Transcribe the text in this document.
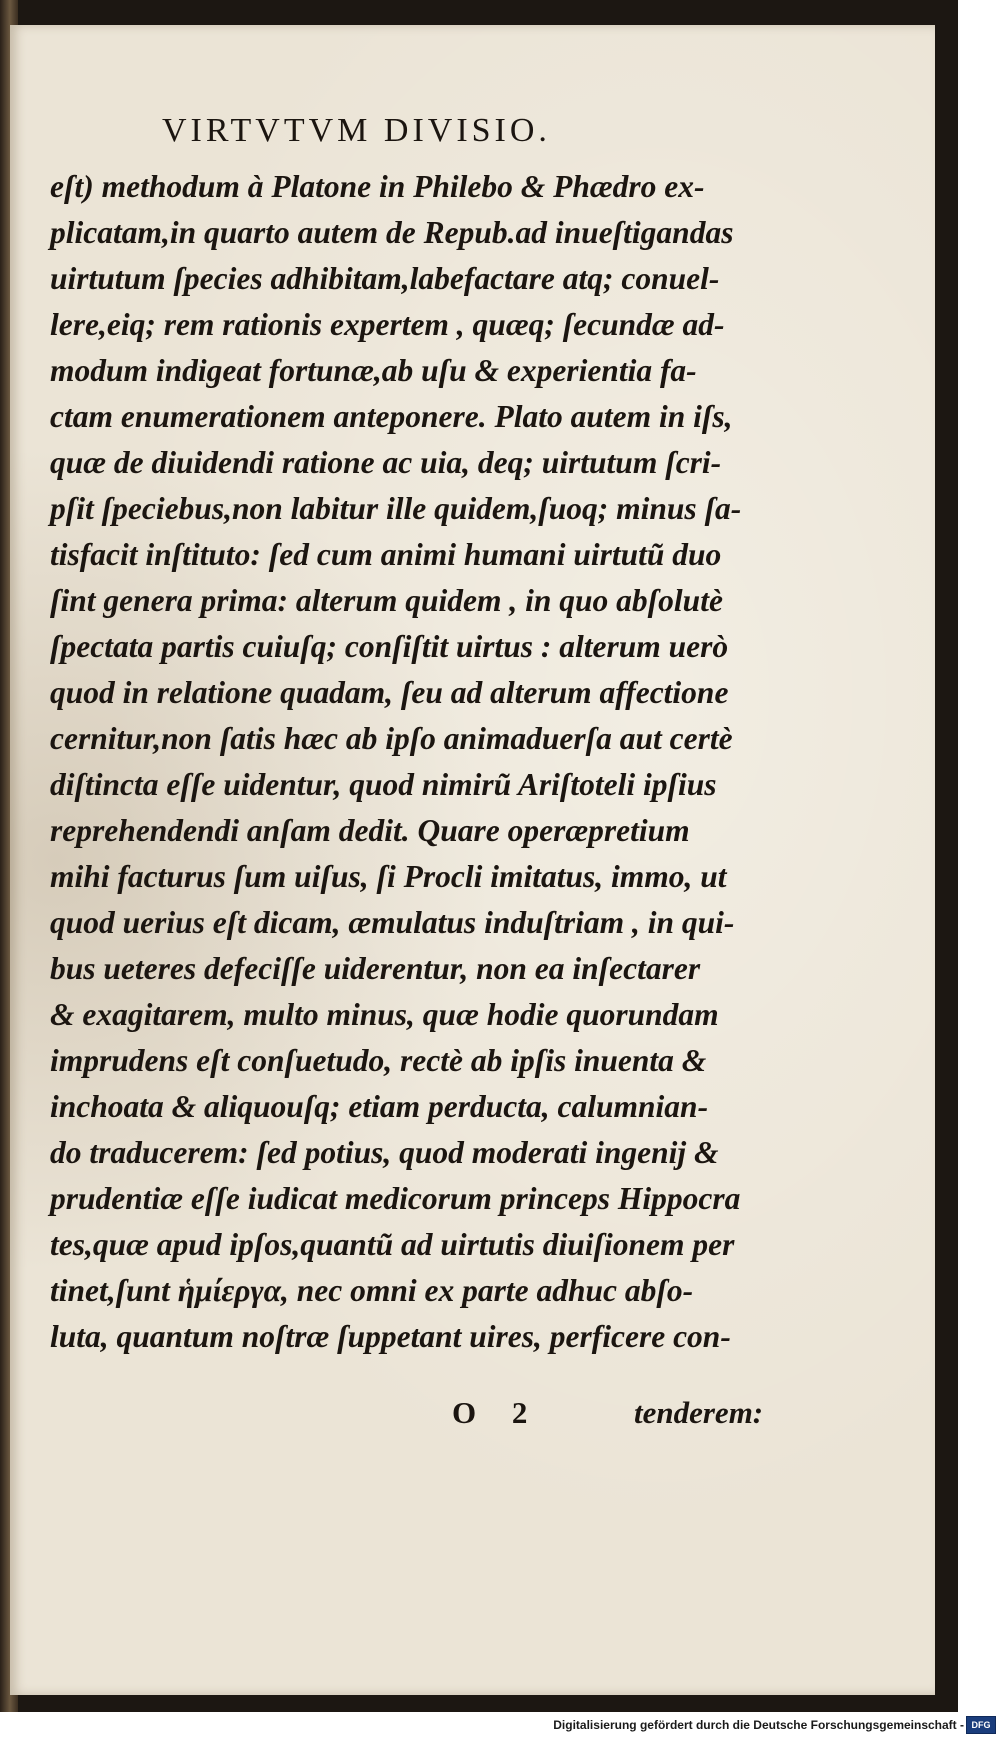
VIRTVTVM DIVISIO.
eſt) methodum à Platone in Philebo & Phædro ex-
plicatam,in quarto autem de Repub.ad inueſtigandas
uirtutum ſpecies adhibitam,labefactare atq; conuel-
lere,eiq; rem rationis expertem , quæq; ſecundæ ad-
modum indigeat fortunæ,ab uſu & experientia fa-
ctam enumerationem anteponere. Plato autem in iſs,
quæ de diuidendi ratione ac uia, deq; uirtutum ſcri-
pſit ſpeciebus,non labitur ille quidem,ſuoq; minus ſa-
tisfacit inſtituto: ſed cum animi humani uirtutũ duo
ſint genera prima: alterum quidem , in quo abſolutè
ſpectata partis cuiuſq; conſiſtit uirtus : alterum uerò
quod in relatione quadam, ſeu ad alterum affectione
cernitur,non ſatis hæc ab ipſo animaduerſa aut certè
diſtincta eſſe uidentur, quod nimirũ Ariſtoteli ipſius
reprehendendi anſam dedit. Quare operæpretium
mihi facturus ſum uiſus, ſi Procli imitatus, immo, ut
quod uerius eſt dicam, æmulatus induſtriam , in qui-
bus ueteres defeciſſe uiderentur, non ea inſectarer
& exagitarem, multo minus, quæ hodie quorundam
imprudens eſt conſuetudo, rectè ab ipſis inuenta &
inchoata & aliquouſq; etiam perducta, calumnian-
do traducerem: ſed potius, quod moderati ingenij &
prudentiæ eſſe iudicat medicorum princeps Hippocra
tes,quæ apud ipſos,quantũ ad uirtutis diuiſionem per
tinet,ſunt ἡμίεργα, nec omni ex parte adhuc abſo-
luta, quantum noſtræ ſuppetant uires, perficere con-
O 2	tenderem:
Digitalisierung gefördert durch die Deutsche Forschungsgemeinschaft - DFG
